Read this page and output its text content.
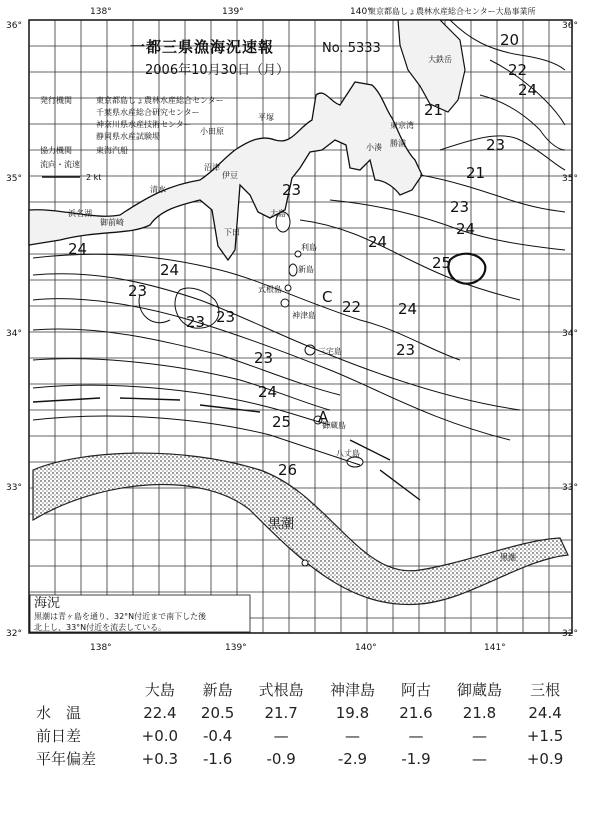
138°	139°	140°
東京都島しょ農林水産総合センター大島事業所
138°	139°	140°	141°
36°
35°
34°
33°
32°
36°
35°
34°
33°
32°
黒潮
20
22
24
21
23
21
23
24
25
23
24
24
23
24
23
23
22 24
23
23
24
25
26
大鉄岳
東京湾
小湊 勝浦
平塚
小田原
伊豆
沼津
清水
御前崎
浜名湖
下田
大島
利島
新島
式根島
神津島
三宅島
御蔵島
八丈島
黒潮
C
A
一都三県漁海況速報	No. 5333
2006年10月30日（月）
発行機関	東京都島しょ農林水産総合センター
千葉県水産総合研究センター
神奈川県水産技術センター
静岡県水産試験場
協力機関	東海汽船
流向・流速
2 kt
海況
黒潮は青ヶ島を通り、32°N付近まで南下した後
北上し、33°N付近を流去している。
	大島	新島	式根島	神津島	阿古	御蔵島	三根
水　温	22.4	20.5	21.7	19.8	21.6	21.8	24.4
前日差	+0.0	-0.4	—	—	—	—	+1.5
平年偏差	+0.3	-1.6	-0.9	-2.9	-1.9	—	+0.9
